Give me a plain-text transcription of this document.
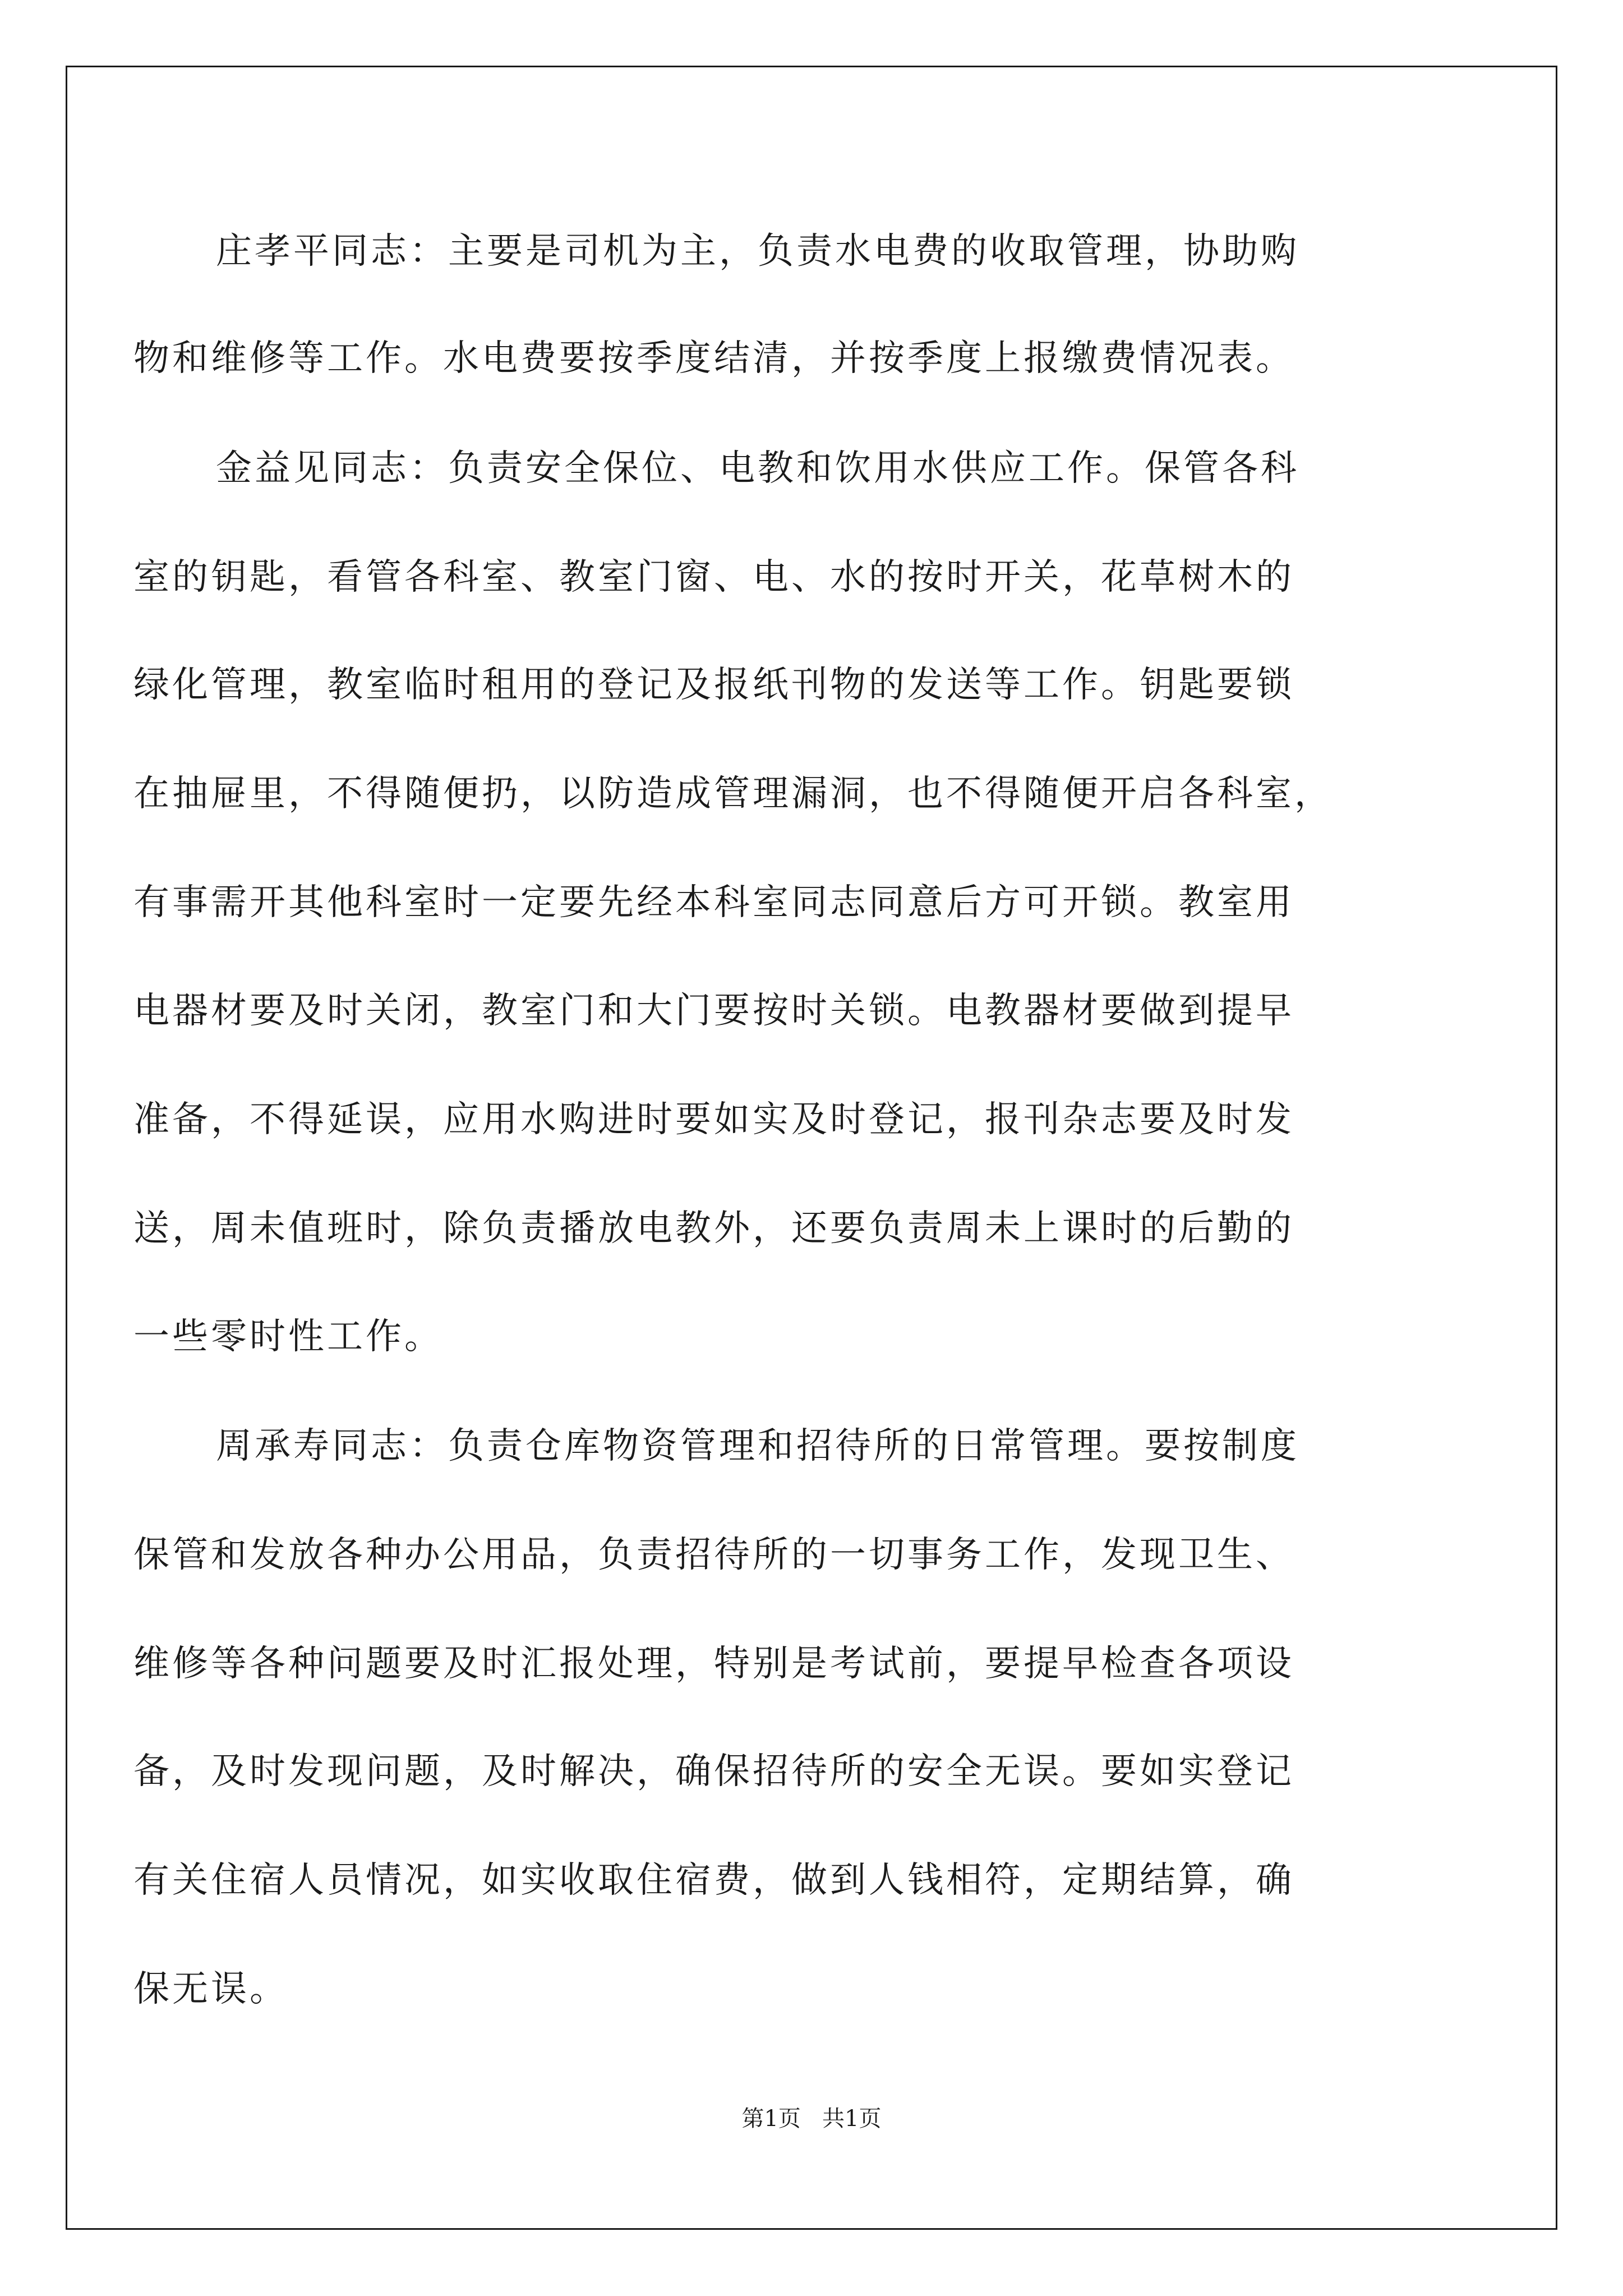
庄孝平同志：主要是司机为主，负责水电费的收取管理，协助购
物和维修等工作。水电费要按季度结清，并按季度上报缴费情况表。
金益见同志：负责安全保位、电教和饮用水供应工作。保管各科
室的钥匙，看管各科室、教室门窗、电、水的按时开关，花草树木的
绿化管理，教室临时租用的登记及报纸刊物的发送等工作。钥匙要锁
在抽屉里，不得随便扔，以防造成管理漏洞，也不得随便开启各科室，
有事需开其他科室时一定要先经本科室同志同意后方可开锁。教室用
电器材要及时关闭，教室门和大门要按时关锁。电教器材要做到提早
准备，不得延误，应用水购进时要如实及时登记，报刊杂志要及时发
送，周未值班时，除负责播放电教外，还要负责周未上课时的后勤的
一些零时性工作。
周承寿同志：负责仓库物资管理和招待所的日常管理。要按制度
保管和发放各种办公用品，负责招待所的一切事务工作，发现卫生、
维修等各种问题要及时汇报处理，特别是考试前，要提早检查各项设
备，及时发现问题，及时解决，确保招待所的安全无误。要如实登记
有关住宿人员情况，如实收取住宿费，做到人钱相符，定期结算，确
保无误。
第1页   共1页
